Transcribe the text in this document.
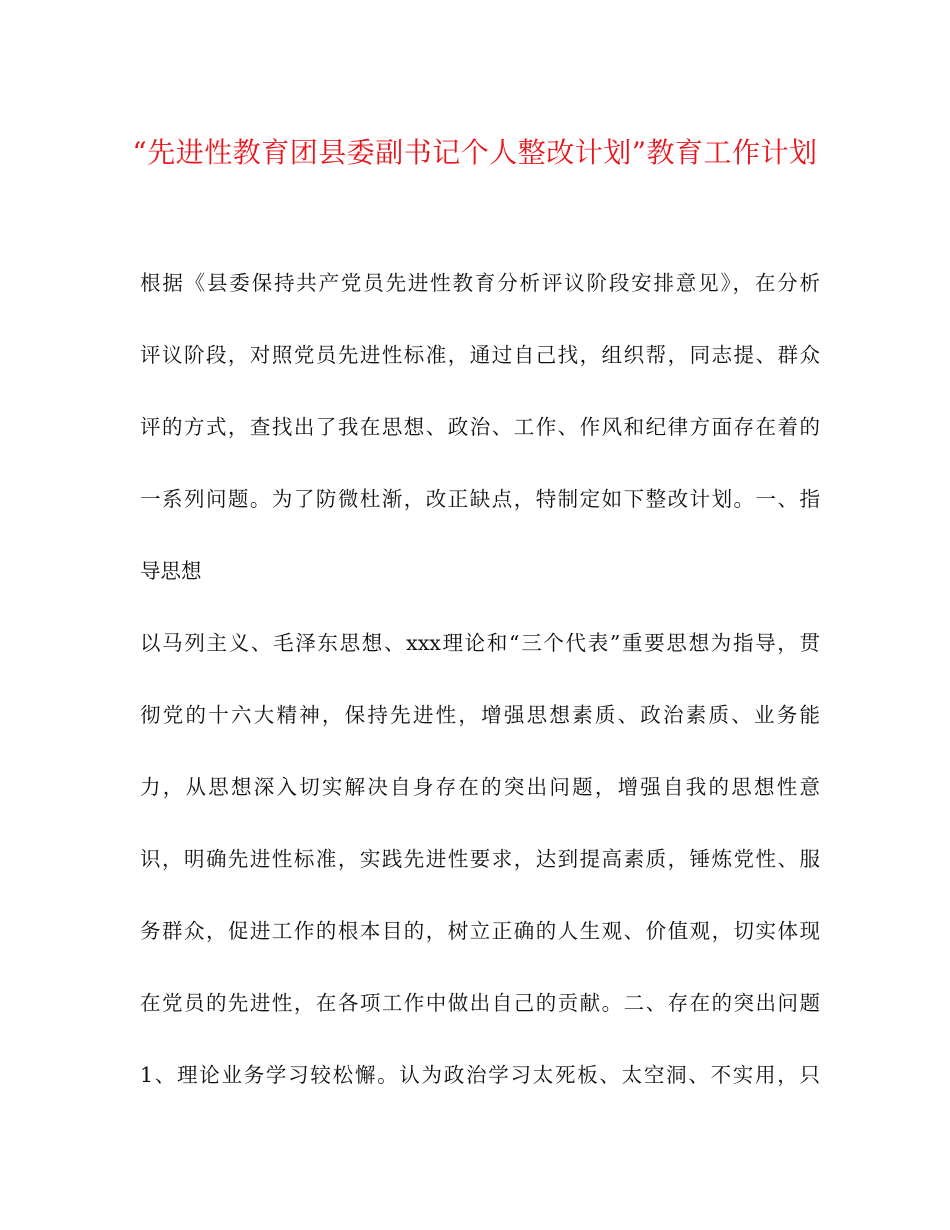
“先进性教育团县委副书记个人整改计划”教育工作计划
根据《县委保持共产党员先进性教育分析评议阶段安排意见》，在分析
评议阶段，对照党员先进性标准，通过自己找，组织帮，同志提、群众
评的方式，查找出了我在思想、政治、工作、作风和纪律方面存在着的
一系列问题。为了防微杜渐，改正缺点，特制定如下整改计划。一、指
导思想
以马列主义、毛泽东思想、xxx理论和“三个代表”重要思想为指导，贯
彻党的十六大精神，保持先进性，增强思想素质、政治素质、业务能
力，从思想深入切实解决自身存在的突出问题，增强自我的思想性意
识，明确先进性标准，实践先进性要求，达到提高素质，锤炼党性、服
务群众，促进工作的根本目的，树立正确的人生观、价值观，切实体现
在党员的先进性，在各项工作中做出自己的贡献。二、存在的突出问题
1、理论业务学习较松懈。认为政治学习太死板、太空洞、不实用，只
